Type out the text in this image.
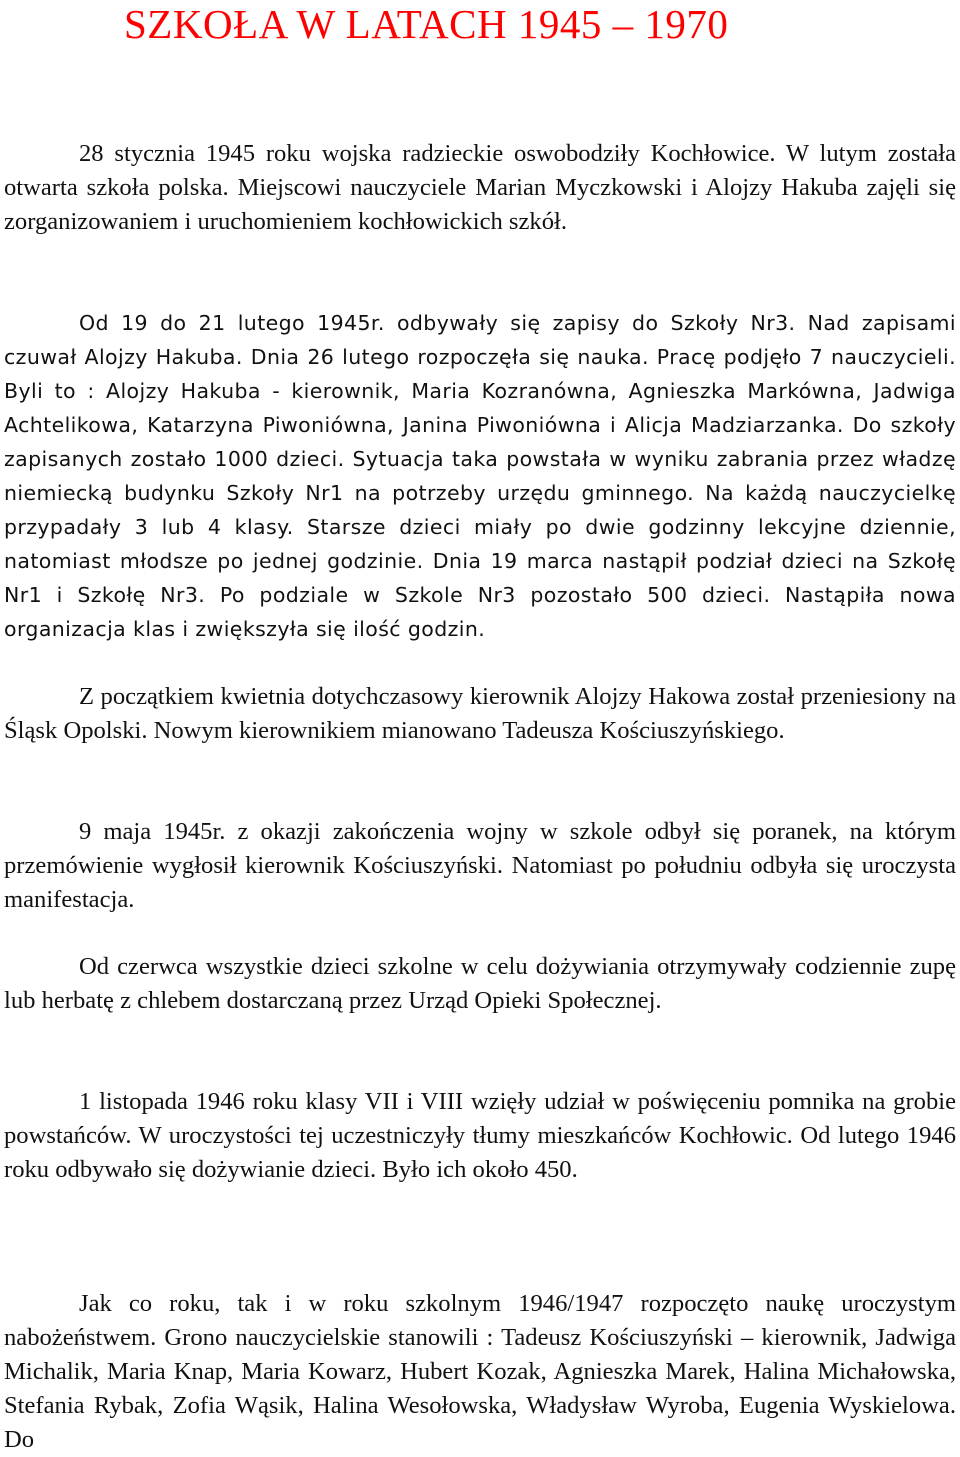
SZKOŁA W LATACH 1945 – 1970

28 stycznia 1945 roku wojska radzieckie oswobodziły Kochłowice. W lutym została otwarta szkoła polska. Miejscowi nauczyciele Marian Myczkowski i Alojzy Hakuba zajęli się zorganizowaniem i uruchomieniem kochłowickich szkół.

Od 19 do 21 lutego 1945r. odbywały się zapisy do Szkoły Nr3. Nad zapisami czuwał Alojzy Hakuba. Dnia 26 lutego rozpoczęła się nauka. Pracę podjęło 7 nauczycieli. Byli to : Alojzy Hakuba - kierownik, Maria Kozranówna, Agnieszka Markówna, Jadwiga Achtelikowa, Katarzyna Piwoniówna, Janina Piwoniówna i Alicja Madziarzanka. Do szkoły zapisanych zostało 1000 dzieci. Sytuacja taka powstała w wyniku zabrania przez władzę niemiecką budynku Szkoły Nr1 na potrzeby urzędu gminnego. Na każdą nauczycielkę przypadały 3 lub 4 klasy. Starsze dzieci miały po dwie godzinny lekcyjne dziennie, natomiast młodsze po jednej godzinie. Dnia 19 marca nastąpił podział dzieci na Szkołę Nr1 i Szkołę Nr3. Po podziale w Szkole Nr3 pozostało 500 dzieci. Nastąpiła nowa organizacja klas i zwiększyła się ilość godzin.

Z początkiem kwietnia dotychczasowy kierownik Alojzy Hakowa został przeniesiony na Śląsk Opolski. Nowym kierownikiem mianowano Tadeusza Kościuszyńskiego.

9 maja 1945r. z okazji zakończenia wojny w szkole odbył się poranek, na którym przemówienie wygłosił kierownik Kościuszyński. Natomiast po południu odbyła się uroczysta manifestacja.

Od czerwca wszystkie dzieci szkolne w celu dożywiania otrzymywały codziennie zupę lub herbatę z chlebem dostarczaną przez Urząd Opieki Społecznej.

1 listopada 1946 roku klasy VII i VIII wzięły udział w poświęceniu pomnika na grobie powstańców. W uroczystości tej uczestniczyły tłumy mieszkańców Kochłowic. Od lutego 1946 roku odbywało się dożywianie dzieci. Było ich około 450.

Jak co roku, tak i w roku szkolnym 1946/1947 rozpoczęto naukę uroczystym nabożeństwem. Grono nauczycielskie stanowili : Tadeusz Kościuszyński – kierownik, Jadwiga Michalik, Maria Knap, Maria Kowarz, Hubert Kozak, Agnieszka Marek, Halina Michałowska, Stefania Rybak, Zofia Wąsik, Halina Wesołowska, Władysław Wyroba, Eugenia Wyskielowa. Do
